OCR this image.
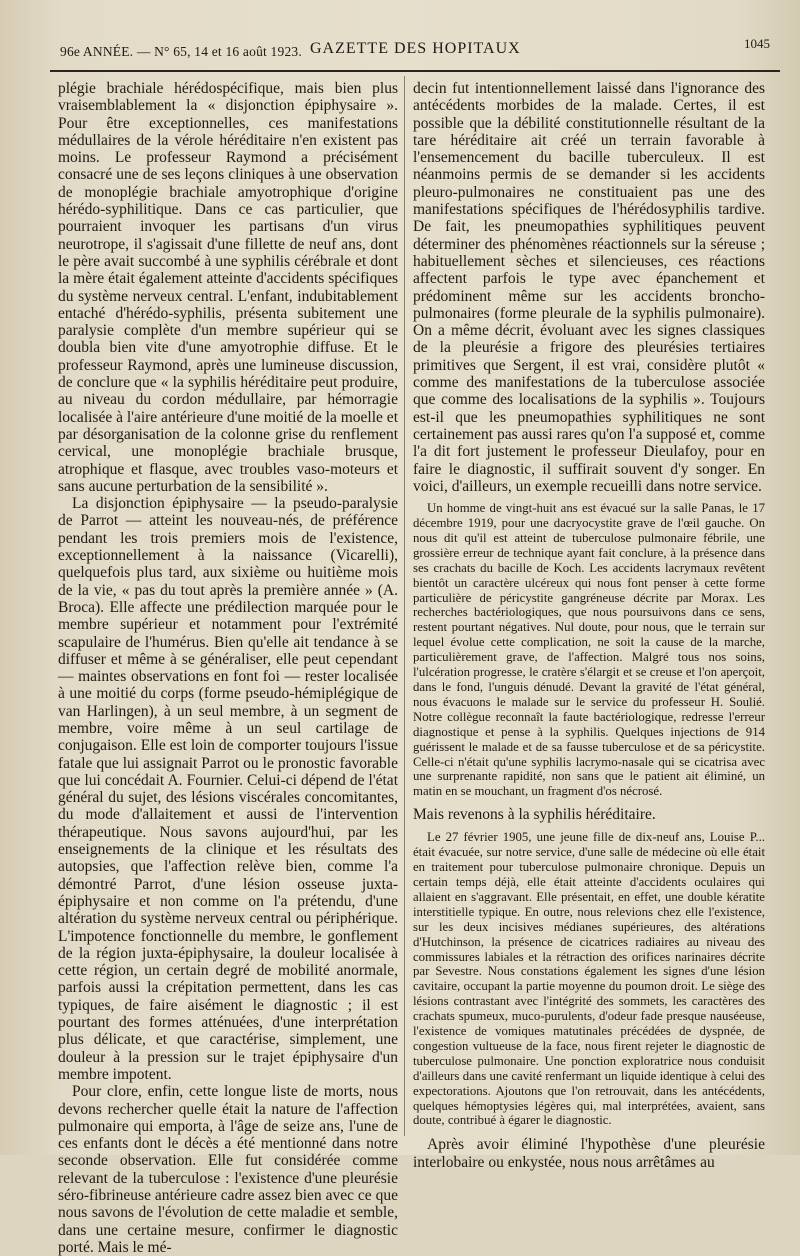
96e ANNÉE. — N° 65, 14 et 16 août 1923. GAZETTE DES HOPITAUX	1045

plégie brachiale hérédospécifique, mais bien plus vraisemblablement la « disjonction épiphysaire ». Pour être exceptionnelles, ces manifestations médullaires de la vérole héréditaire n'en existent pas moins. Le professeur Raymond a précisément consacré une de ses leçons cliniques à une observation de monoplégie brachiale amyotrophique d'origine hérédo-syphilitique. Dans ce cas particulier, que pourraient invoquer les partisans d'un virus neurotrope, il s'agissait d'une fillette de neuf ans, dont le père avait succombé à une syphilis cérébrale et dont la mère était également atteinte d'accidents spécifiques du système nerveux central. L'enfant, indubitablement entaché d'hérédo-syphilis, présenta subitement une paralysie complète d'un membre supérieur qui se doubla bien vite d'une amyotrophie diffuse. Et le professeur Raymond, après une lumineuse discussion, de conclure que « la syphilis héréditaire peut produire, au niveau du cordon médullaire, par hémorragie localisée à l'aire antérieure d'une moitié de la moelle et par désorganisation de la colonne grise du renflement cervical, une monoplégie brachiale brusque, atrophique et flasque, avec troubles vaso-moteurs et sans aucune perturbation de la sensibilité ».

La disjonction épiphysaire — la pseudo-paralysie de Parrot — atteint les nouveau-nés, de préférence pendant les trois premiers mois de l'existence, exceptionnellement à la naissance (Vicarelli), quelquefois plus tard, aux sixième ou huitième mois de la vie, « pas du tout après la première année » (A. Broca). Elle affecte une prédilection marquée pour le membre supérieur et notamment pour l'extrémité scapulaire de l'humérus. Bien qu'elle ait tendance à se diffuser et même à se généraliser, elle peut cependant — maintes observations en font foi — rester localisée à une moitié du corps (forme pseudo-hémiplégique de van Harlingen), à un seul membre, à un segment de membre, voire même à un seul cartilage de conjugaison. Elle est loin de comporter toujours l'issue fatale que lui assignait Parrot ou le pronostic favorable que lui concédait A. Fournier. Celui-ci dépend de l'état général du sujet, des lésions viscérales concomitantes, du mode d'allaitement et aussi de l'intervention thérapeutique. Nous savons aujourd'hui, par les enseignements de la clinique et les résultats des autopsies, que l'affection relève bien, comme l'a démontré Parrot, d'une lésion osseuse juxta-épiphysaire et non comme on l'a prétendu, d'une altération du système nerveux central ou périphérique. L'impotence fonctionnelle du membre, le gonflement de la région juxta-épiphysaire, la douleur localisée à cette région, un certain degré de mobilité anormale, parfois aussi la crépitation permettent, dans les cas typiques, de faire aisément le diagnostic ; il est pourtant des formes atténuées, d'une interprétation plus délicate, et que caractérise, simplement, une douleur à la pression sur le trajet épiphysaire d'un membre impotent.

Pour clore, enfin, cette longue liste de morts, nous devons rechercher quelle était la nature de l'affection pulmonaire qui emporta, à l'âge de seize ans, l'une de ces enfants dont le décès a été mentionné dans notre seconde observation. Elle fut considérée comme relevant de la tuberculose : l'existence d'une pleurésie séro-fibrineuse antérieure cadre assez bien avec ce que nous savons de l'évolution de cette maladie et semble, dans une certaine mesure, confirmer le diagnostic porté. Mais le mé-

decin fut intentionnellement laissé dans l'ignorance des antécédents morbides de la malade. Certes, il est possible que la débilité constitutionnelle résultant de la tare héréditaire ait créé un terrain favorable à l'ensemencement du bacille tuberculeux. Il est néanmoins permis de se demander si les accidents pleuro-pulmonaires ne constituaient pas une des manifestations spécifiques de l'hérédosyphilis tardive. De fait, les pneumopathies syphilitiques peuvent déterminer des phénomènes réactionnels sur la séreuse ; habituellement sèches et silencieuses, ces réactions affectent parfois le type avec épanchement et prédominent même sur les accidents broncho-pulmonaires (forme pleurale de la syphilis pulmonaire). On a même décrit, évoluant avec les signes classiques de la pleurésie a frigore des pleurésies tertiaires primitives que Sergent, il est vrai, considère plutôt « comme des manifestations de la tuberculose associée que comme des localisations de la syphilis ». Toujours est-il que les pneumopathies syphilitiques ne sont certainement pas aussi rares qu'on l'a supposé et, comme l'a dit fort justement le professeur Dieulafoy, pour en faire le diagnostic, il suffirait souvent d'y songer. En voici, d'ailleurs, un exemple recueilli dans notre service.

Un homme de vingt-huit ans est évacué sur la salle Panas, le 17 décembre 1919, pour une dacryocystite grave de l'œil gauche. On nous dit qu'il est atteint de tuberculose pulmonaire fébrile, une grossière erreur de technique ayant fait conclure, à la présence dans ses crachats du bacille de Koch. Les accidents lacrymaux revêtent bientôt un caractère ulcéreux qui nous font penser à cette forme particulière de péricystite gangréneuse décrite par Morax. Les recherches bactériologiques, que nous poursuivons dans ce sens, restent pourtant négatives. Nul doute, pour nous, que le terrain sur lequel évolue cette complication, ne soit la cause de la marche, particulièrement grave, de l'affection. Malgré tous nos soins, l'ulcération progresse, le cratère s'élargit et se creuse et l'on aperçoit, dans le fond, l'unguis dénudé. Devant la gravité de l'état général, nous évacuons le malade sur le service du professeur H. Soulié. Notre collègue reconnaît la faute bactériologique, redresse l'erreur diagnostique et pense à la syphilis. Quelques injections de 914 guérissent le malade et de sa fausse tuberculose et de sa péricystite. Celle-ci n'était qu'une syphilis lacrymo-nasale qui se cicatrisa avec une surprenante rapidité, non sans que le patient ait éliminé, un matin en se mouchant, un fragment d'os nécrosé.

Mais revenons à la syphilis héréditaire.

Le 27 février 1905, une jeune fille de dix-neuf ans, Louise P... était évacuée, sur notre service, d'une salle de médecine où elle était en traitement pour tuberculose pulmonaire chronique. Depuis un certain temps déjà, elle était atteinte d'accidents oculaires qui allaient en s'aggravant. Elle présentait, en effet, une double kératite interstitielle typique. En outre, nous relevions chez elle l'existence, sur les deux incisives médianes supérieures, des altérations d'Hutchinson, la présence de cicatrices radiaires au niveau des commissures labiales et la rétraction des orifices narinaires décrite par Sevestre. Nous constations également les signes d'une lésion cavitaire, occupant la partie moyenne du poumon droit. Le siège des lésions contrastant avec l'intégrité des sommets, les caractères des crachats spumeux, muco-purulents, d'odeur fade presque nauséeuse, l'existence de vomiques matutinales précédées de dyspnée, de congestion vultueuse de la face, nous firent rejeter le diagnostic de tuberculose pulmonaire. Une ponction exploratrice nous conduisit d'ailleurs dans une cavité renfermant un liquide identique à celui des expectorations. Ajoutons que l'on retrouvait, dans les antécédents, quelques hémoptysies légères qui, mal interprétées, avaient, sans doute, contribué à égarer le diagnostic.

Après avoir éliminé l'hypothèse d'une pleurésie interlobaire ou enkystée, nous nous arrêtâmes au
